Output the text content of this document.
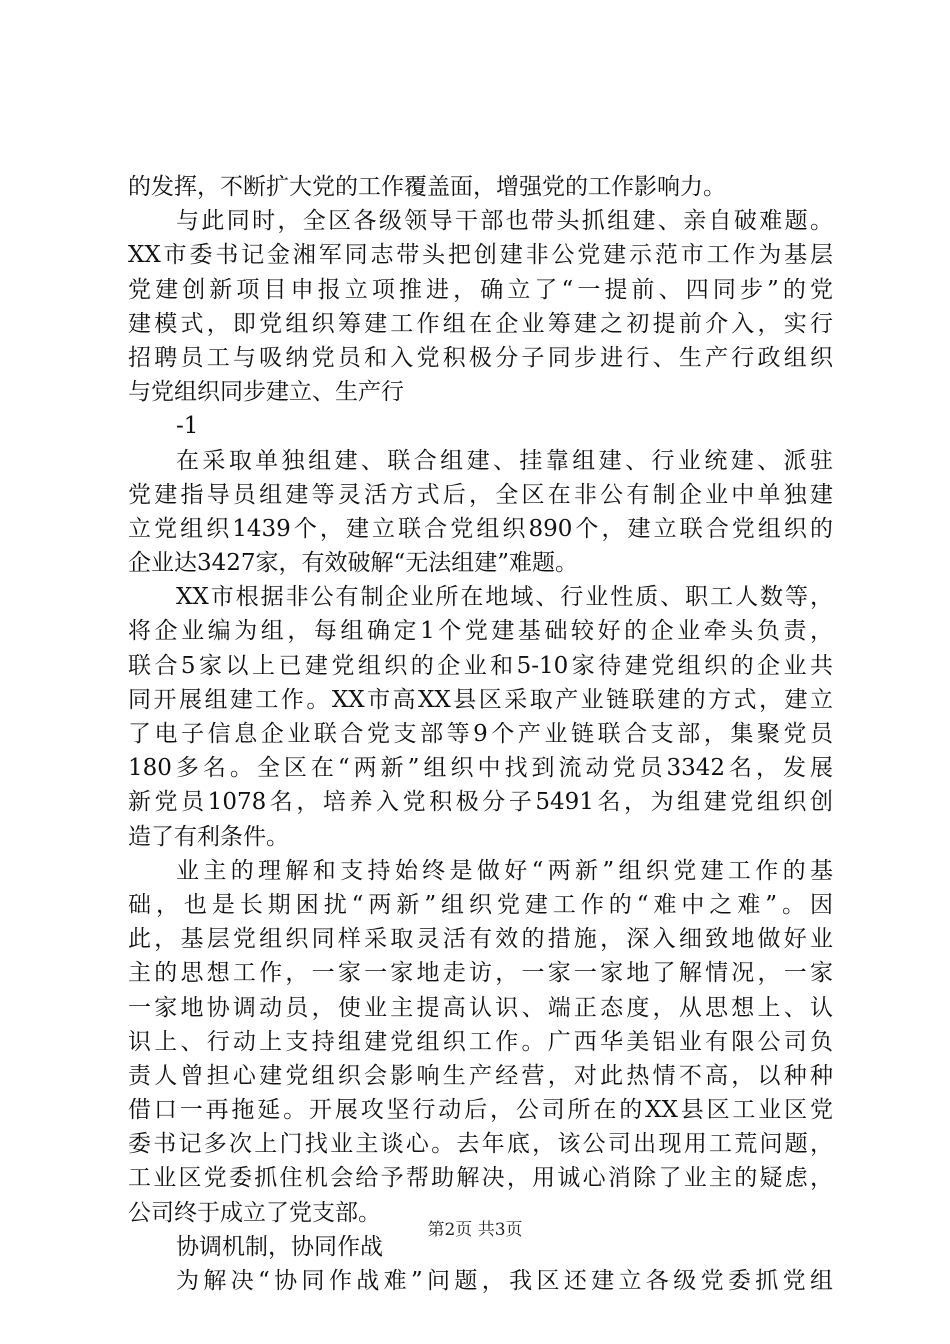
的发挥，不断扩大党的工作覆盖面，增强党的工作影响力。
与此同时，全区各级领导干部也带头抓组建、亲自破难题。
XX市委书记金湘军同志带头把创建非公党建示范市工作为基层
党建创新项目申报立项推进，确立了“一提前、四同步”的党
建模式，即党组织筹建工作组在企业筹建之初提前介入，实行
招聘员工与吸纳党员和入党积极分子同步进行、生产行政组织
与党组织同步建立、生产行
-1
在采取单独组建、联合组建、挂靠组建、行业统建、派驻
党建指导员组建等灵活方式后，全区在非公有制企业中单独建
立党组织1439个，建立联合党组织890个，建立联合党组织的
企业达3427家，有效破解“无法组建”难题。
XX市根据非公有制企业所在地域、行业性质、职工人数等，
将企业编为组，每组确定1个党建基础较好的企业牵头负责，
联合5家以上已建党组织的企业和5-10家待建党组织的企业共
同开展组建工作。XX市高XX县区采取产业链联建的方式，建立
了电子信息企业联合党支部等9个产业链联合支部，集聚党员
180多名。全区在“两新”组织中找到流动党员3342名，发展
新党员1078名，培养入党积极分子5491名，为组建党组织创
造了有利条件。
业主的理解和支持始终是做好“两新”组织党建工作的基
础，也是长期困扰“两新”组织党建工作的“难中之难”。因
此，基层党组织同样采取灵活有效的措施，深入细致地做好业
主的思想工作，一家一家地走访，一家一家地了解情况，一家
一家地协调动员，使业主提高认识、端正态度，从思想上、认
识上、行动上支持组建党组织工作。广西华美铝业有限公司负
责人曾担心建党组织会影响生产经营，对此热情不高，以种种
借口一再拖延。开展攻坚行动后，公司所在的XX县区工业区党
委书记多次上门找业主谈心。去年底，该公司出现用工荒问题，
工业区党委抓住机会给予帮助解决，用诚心消除了业主的疑虑，
公司终于成立了党支部。
协调机制，协同作战
为解决“协同作战难”问题，我区还建立各级党委抓党组
第2页 共3页
